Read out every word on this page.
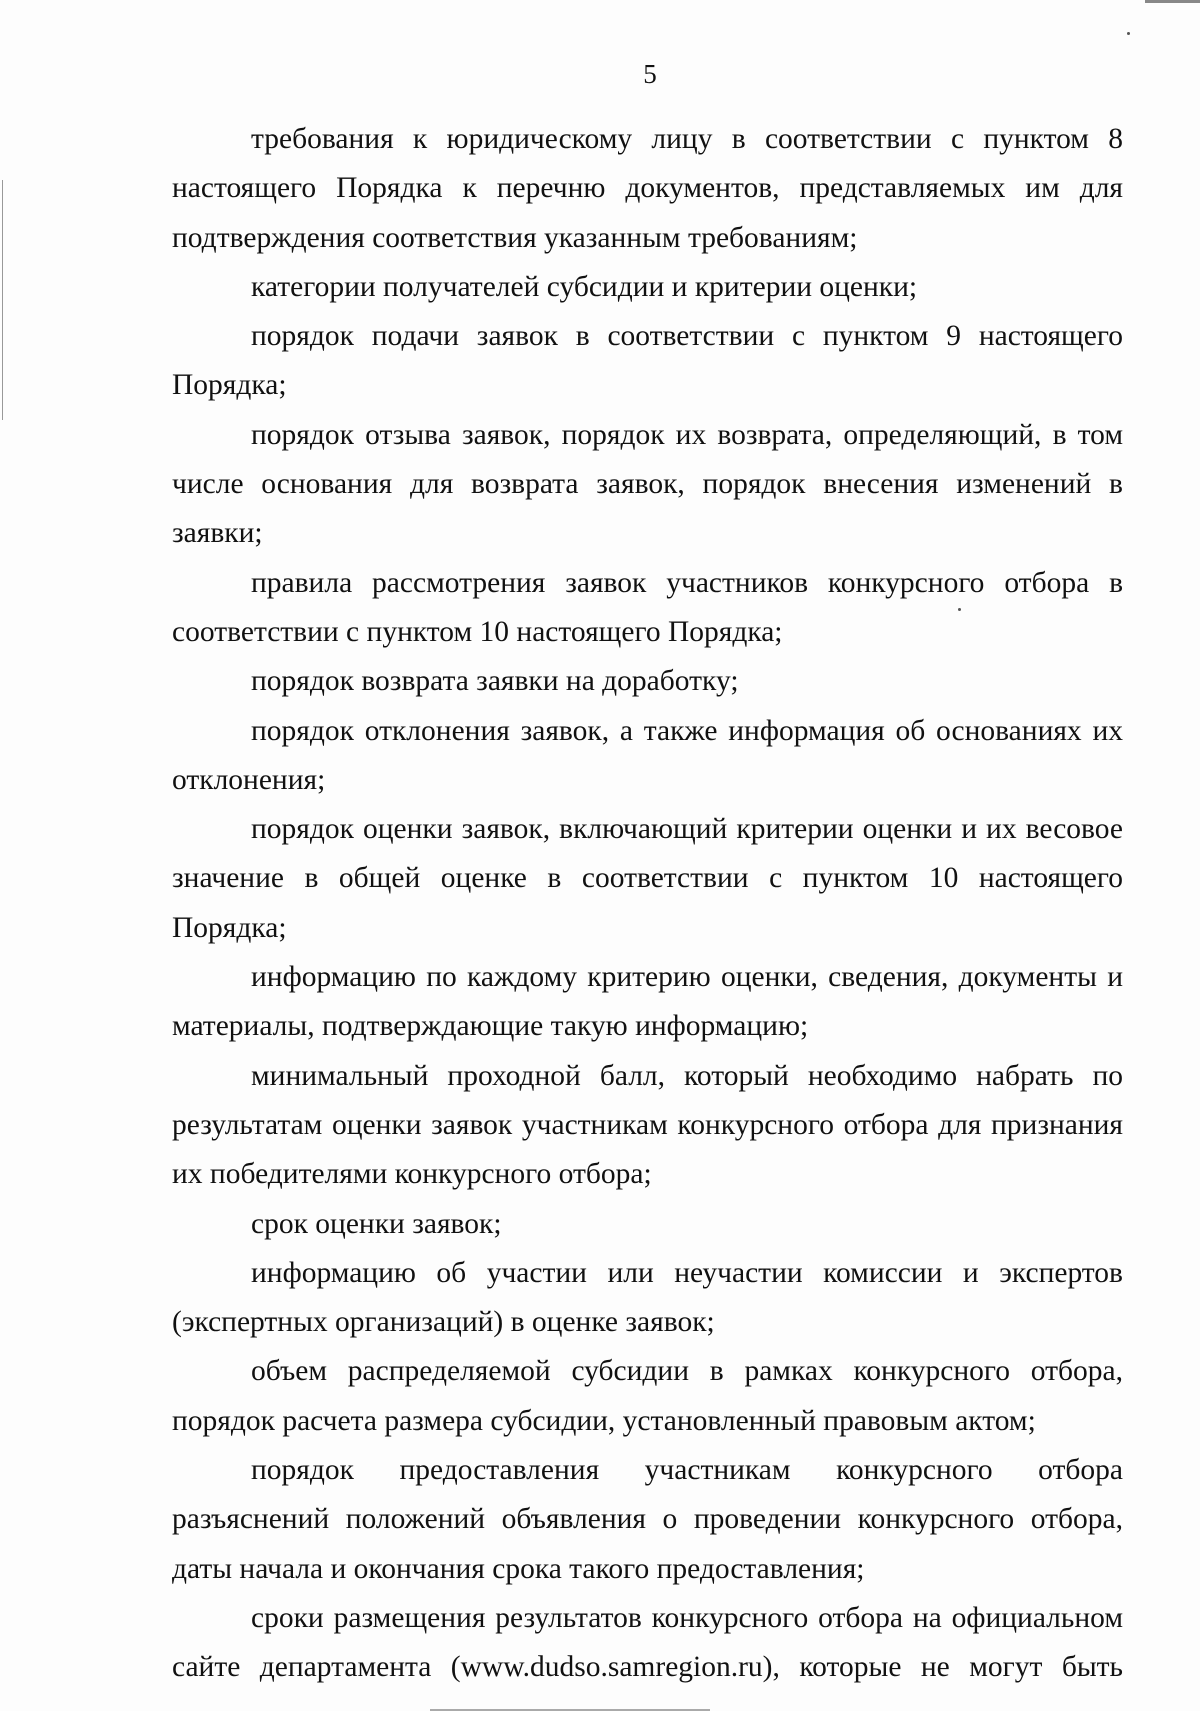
5

требования к юридическому лицу в соответствии с пунктом 8 настоящего Порядка к перечню документов, представляемых им для подтверждения соответствия указанным требованиям;

категории получателей субсидии и критерии оценки;

порядок подачи заявок в соответствии с пунктом 9 настоящего Порядка;

порядок отзыва заявок, порядок их возврата, определяющий, в том числе основания для возврата заявок, порядок внесения изменений в заявки;

правила рассмотрения заявок участников конкурсного отбора в соответствии с пунктом 10 настоящего Порядка;

порядок возврата заявки на доработку;

порядок отклонения заявок, а также информация об основаниях их отклонения;

порядок оценки заявок, включающий критерии оценки и их весовое значение в общей оценке в соответствии с пунктом 10 настоящего Порядка;

информацию по каждому критерию оценки, сведения, документы и материалы, подтверждающие такую информацию;

минимальный проходной балл, который необходимо набрать по результатам оценки заявок участникам конкурсного отбора для признания их победителями конкурсного отбора;

срок оценки заявок;

информацию об участии или неучастии комиссии и экспертов (экспертных организаций) в оценке заявок;

объем распределяемой субсидии в рамках конкурсного отбора, порядок расчета размера субсидии, установленный правовым актом;

порядок предоставления участникам конкурсного отбора разъяснений положений объявления о проведении конкурсного отбора, даты начала и окончания срока такого предоставления;

сроки размещения результатов конкурсного отбора на официальном сайте департамента (www.dudso.samregion.ru), которые не могут быть
